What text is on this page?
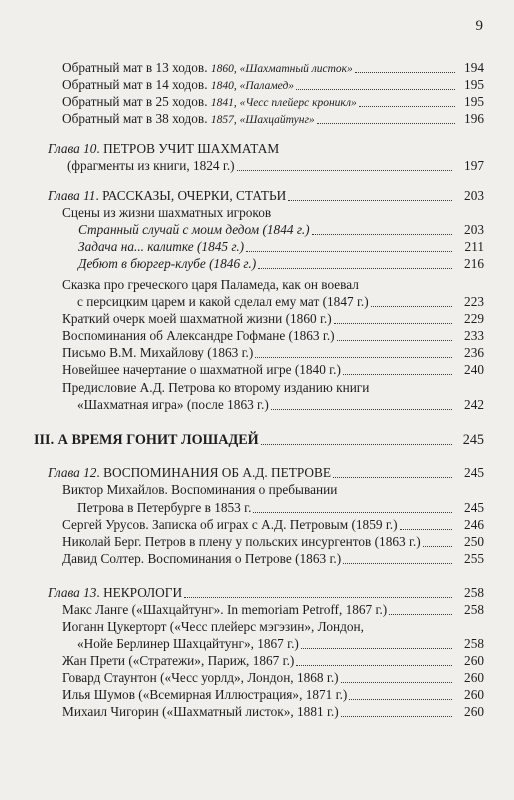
9
Обратный мат в 13 ходов. 1860, «Шахматный листок»	194
Обратный мат в 14 ходов. 1840, «Паламед»	195
Обратный мат в 25 ходов. 1841, «Чесс плейерс кроникл»	195
Обратный мат в 38 ходов. 1857, «Шахцайтунг»	196
Глава 10. ПЕТРОВ УЧИТ ШАХМАТАМ
(фрагменты из книги, 1824 г.)	197
Глава 11. РАССКАЗЫ, ОЧЕРКИ, СТАТЬИ	203
Сцены из жизни шахматных игроков
Странный случай с моим дедом (1844 г.)	203
Задача на... калитке (1845 г.)	211
Дебют в бюргер-клубе (1846 г.)	216
Сказка про греческого царя Паламеда, как он воевал
с персицким царем и какой сделал ему мат (1847 г.)	223
Краткий очерк моей шахматной жизни (1860 г.)	229
Воспоминания об Александре Гофмане (1863 г.)	233
Письмо В.М. Михайлову (1863 г.)	236
Новейшее начертание о шахматной игре (1840 г.)	240
Предисловие А.Д. Петрова ко второму изданию книги
«Шахматная игра» (после 1863 г.)	242
III. А ВРЕМЯ ГОНИТ ЛОШАДЕЙ	245
Глава 12. ВОСПОМИНАНИЯ ОБ А.Д. ПЕТРОВЕ	245
Виктор Михайлов. Воспоминания о пребывании
Петрова в Петербурге в 1853 г.	245
Сергей Урусов. Записка об играх с А.Д. Петровым (1859 г.)	246
Николай Берг. Петров в плену у польских инсургентов (1863 г.)	250
Давид Солтер. Воспоминания о Петрове (1863 г.)	255
Глава 13. НЕКРОЛОГИ	258
Макс Ланге («Шахцайтунг». In memoriam Petroff, 1867 г.)	258
Иоганн Цукерторт («Чесс плейерс мэгэзин», Лондон,
«Нойе Берлинер Шахцайтунг», 1867 г.)	258
Жан Прети («Стратежи», Париж, 1867 г.)	260
Говард Стаунтон («Чесс уорлд», Лондон, 1868 г.)	260
Илья Шумов («Всемирная Иллюстрация», 1871 г.)	260
Михаил Чигорин («Шахматный листок», 1881 г.)	260
